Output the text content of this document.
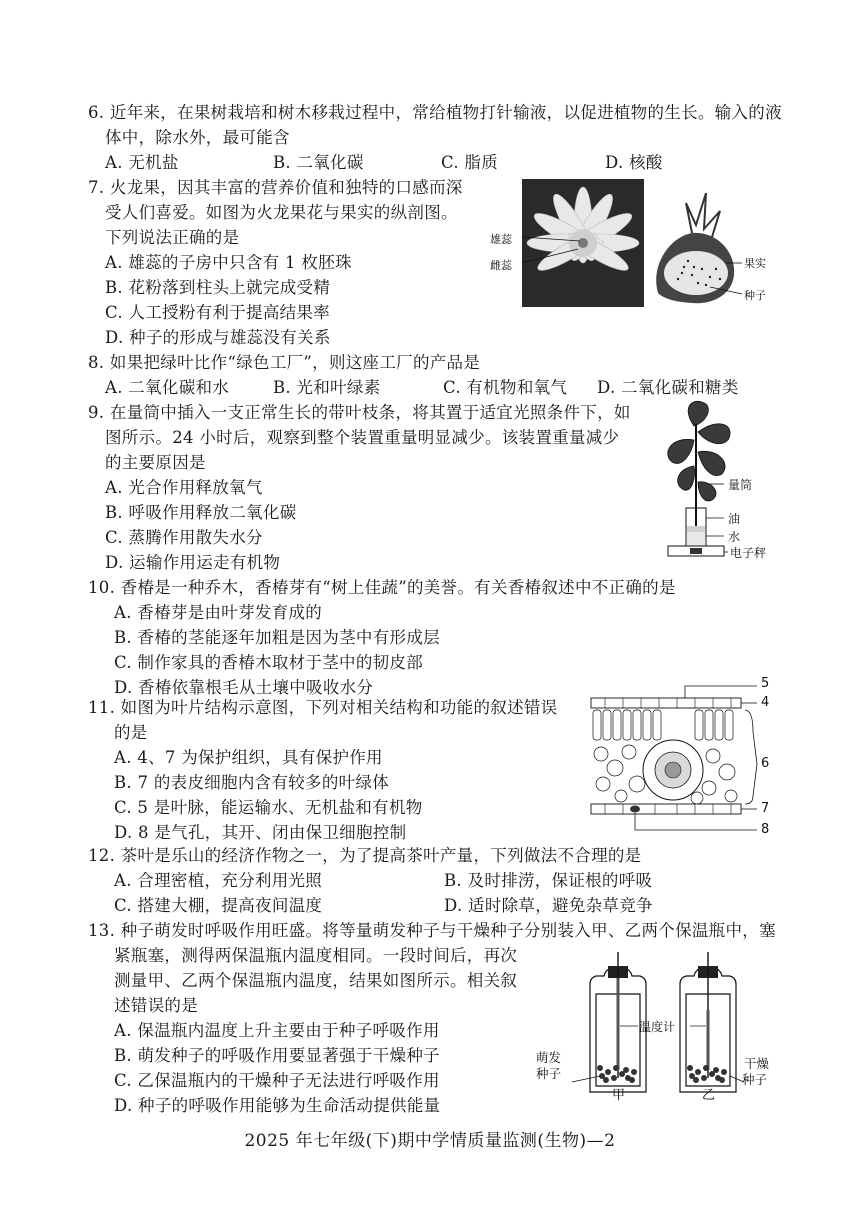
6. 近年来，在果树栽培和树木移栽过程中，常给植物打针输液，以促进植物的生长。输入的液
体中，除水外，最可能含
A. 无机盐	B. 二氧化碳	C. 脂质	D. 核酸
7. 火龙果，因其丰富的营养价值和独特的口感而深
受人们喜爱。如图为火龙果花与果实的纵剖图。
下列说法正确的是
A. 雄蕊的子房中只含有 1 枚胚珠
B. 花粉落到柱头上就完成受精
C. 人工授粉有利于提高结果率
D. 种子的形成与雄蕊没有关系
雄蕊
雌蕊	果实
种子
8. 如果把绿叶比作“绿色工厂”，则这座工厂的产品是
A. 二氧化碳和水	B. 光和叶绿素	C. 有机物和氧气	D. 二氧化碳和糖类
9. 在量筒中插入一支正常生长的带叶枝条，将其置于适宜光照条件下，如
图所示。24 小时后，观察到整个装置重量明显减少。该装置重量减少
的主要原因是
A. 光合作用释放氧气
B. 呼吸作用释放二氧化碳
C. 蒸腾作用散失水分
D. 运输作用运走有机物
量筒
油
水
电子秤
10. 香椿是一种乔木，香椿芽有“树上佳蔬”的美誉。有关香椿叙述中不正确的是
A. 香椿芽是由叶芽发育成的
B. 香椿的茎能逐年加粗是因为茎中有形成层
C. 制作家具的香椿木取材于茎中的韧皮部
D. 香椿依靠根毛从土壤中吸收水分
11. 如图为叶片结构示意图，下列对相关结构和功能的叙述错误
的是
A. 4、7 为保护组织，具有保护作用
B. 7 的表皮细胞内含有较多的叶绿体
C. 5 是叶脉，能运输水、无机盐和有机物
D. 8 是气孔，其开、闭由保卫细胞控制
5
4
6
7
8
12. 茶叶是乐山的经济作物之一，为了提高茶叶产量，下列做法不合理的是
A. 合理密植，充分利用光照	B. 及时排涝，保证根的呼吸
C. 搭建大棚，提高夜间温度	D. 适时除草，避免杂草竞争
13. 种子萌发时呼吸作用旺盛。将等量萌发种子与干燥种子分别装入甲、乙两个保温瓶中，塞
紧瓶塞，测得两保温瓶内温度相同。一段时间后，再次
测量甲、乙两个保温瓶内温度，结果如图所示。相关叙
述错误的是
A. 保温瓶内温度上升主要由于种子呼吸作用
B. 萌发种子的呼吸作用要显著强于干燥种子
C. 乙保温瓶内的干燥种子无法进行呼吸作用
D. 种子的呼吸作用能够为生命活动提供能量
温度计
萌发
种子
干燥
种子
甲	乙
2025 年七年级(下)期中学情质量监测(生物)—2
